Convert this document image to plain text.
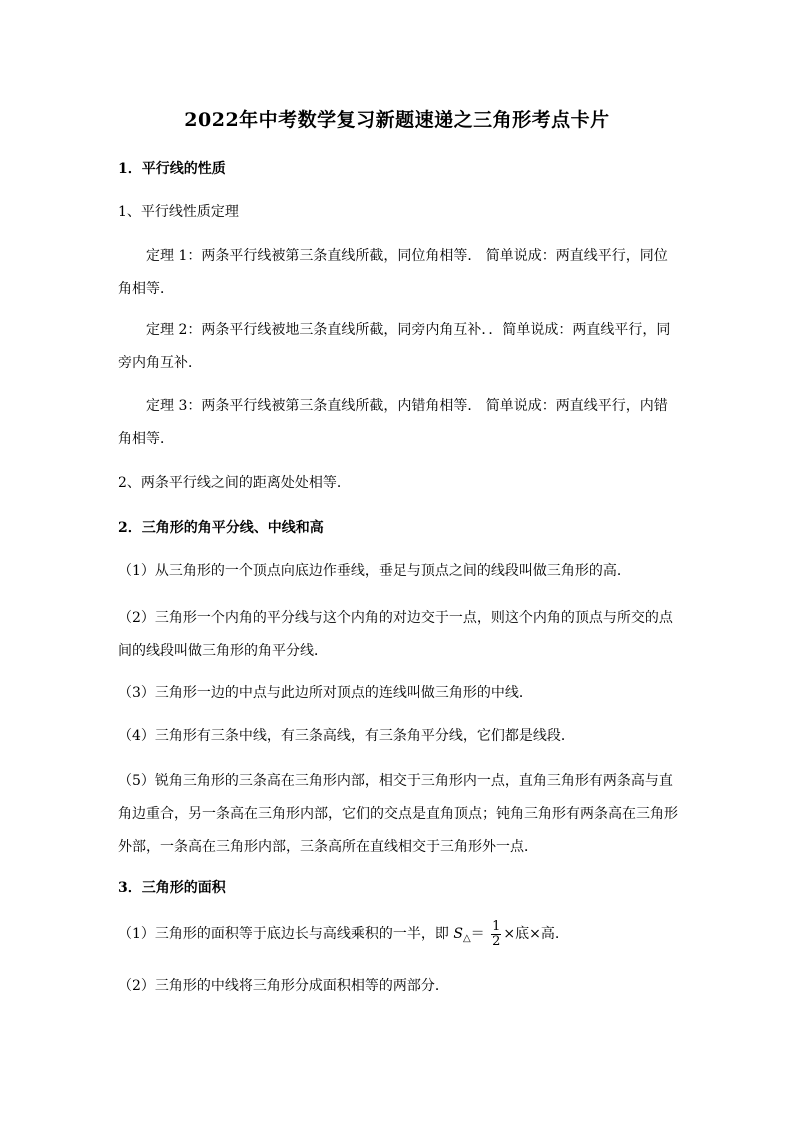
2022年中考数学复习新题速递之三角形考点卡片
1．平行线的性质
1、平行线性质定理
定理 1：两条平行线被第三条直线所截，同位角相等． 简单说成：两直线平行，同位角相等．
定理 2：两条平行线被地三条直线所截，同旁内角互补．．简单说成：两直线平行，同旁内角互补．
定理 3：两条平行线被第三条直线所截，内错角相等． 简单说成：两直线平行，内错角相等．
2、两条平行线之间的距离处处相等．
2．三角形的角平分线、中线和高
（1）从三角形的一个顶点向底边作垂线，垂足与顶点之间的线段叫做三角形的高．
（2）三角形一个内角的平分线与这个内角的对边交于一点，则这个内角的顶点与所交的点间的线段叫做三角形的角平分线．
（3）三角形一边的中点与此边所对顶点的连线叫做三角形的中线．
（4）三角形有三条中线，有三条高线，有三条角平分线，它们都是线段．
（5）锐角三角形的三条高在三角形内部，相交于三角形内一点，直角三角形有两条高与直角边重合，另一条高在三角形内部，它们的交点是直角顶点；钝角三角形有两条高在三角形外部，一条高在三角形内部，三条高所在直线相交于三角形外一点．
3．三角形的面积
（1）三角形的面积等于底边长与高线乘积的一半，即 $S_\triangle= \frac{1}{2}$ ×底×高.
（2）三角形的中线将三角形分成面积相等的两部分．
